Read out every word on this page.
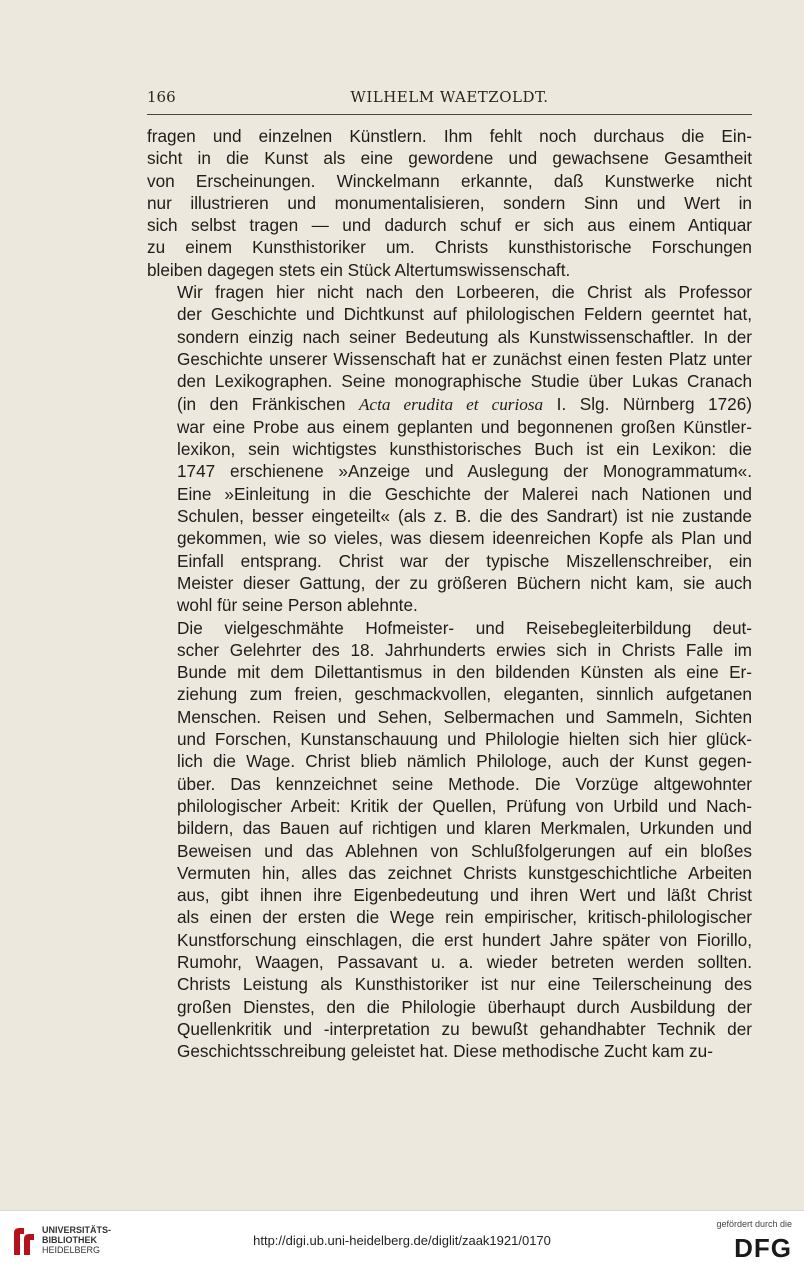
166	WILHELM WAETZOLDT.
fragen und einzelnen Künstlern. Ihm fehlt noch durchaus die Ein-
sicht in die Kunst als eine gewordene und gewachsene Gesamtheit
von Erscheinungen. Winckelmann erkannte, daß Kunstwerke nicht
nur illustrieren und monumentalisieren, sondern Sinn und Wert in
sich selbst tragen — und dadurch schuf er sich aus einem Antiquar
zu einem Kunsthistoriker um. Christs kunsthistorische Forschungen
bleiben dagegen stets ein Stück Altertumswissenschaft.
Wir fragen hier nicht nach den Lorbeeren, die Christ als Professor
der Geschichte und Dichtkunst auf philologischen Feldern geerntet hat,
sondern einzig nach seiner Bedeutung als Kunstwissenschaftler. In der
Geschichte unserer Wissenschaft hat er zunächst einen festen Platz unter
den Lexikographen. Seine monographische Studie über Lukas Cranach
(in den Fränkischen Acta erudita et curiosa I. Slg. Nürnberg 1726)
war eine Probe aus einem geplanten und begonnenen großen Künstler-
lexikon, sein wichtigstes kunsthistorisches Buch ist ein Lexikon: die
1747 erschienene »Anzeige und Auslegung der Monogrammatum«.
Eine »Einleitung in die Geschichte der Malerei nach Nationen und
Schulen, besser eingeteilt« (als z. B. die des Sandrart) ist nie zustande
gekommen, wie so vieles, was diesem ideenreichen Kopfe als Plan und
Einfall entsprang. Christ war der typische Miszellenschreiber, ein
Meister dieser Gattung, der zu größeren Büchern nicht kam, sie auch
wohl für seine Person ablehnte.
Die vielgeschmähte Hofmeister- und Reisebegleiterbildung deut-
scher Gelehrter des 18. Jahrhunderts erwies sich in Christs Falle im
Bunde mit dem Dilettantismus in den bildenden Künsten als eine Er-
ziehung zum freien, geschmackvollen, eleganten, sinnlich aufgetanen
Menschen. Reisen und Sehen, Selbermachen und Sammeln, Sichten
und Forschen, Kunstanschauung und Philologie hielten sich hier glück-
lich die Wage. Christ blieb nämlich Philologe, auch der Kunst gegen-
über. Das kennzeichnet seine Methode. Die Vorzüge altgewohnter
philologischer Arbeit: Kritik der Quellen, Prüfung von Urbild und Nach-
bildern, das Bauen auf richtigen und klaren Merkmalen, Urkunden und
Beweisen und das Ablehnen von Schlußfolgerungen auf ein bloßes
Vermuten hin, alles das zeichnet Christs kunstgeschichtliche Arbeiten
aus, gibt ihnen ihre Eigenbedeutung und ihren Wert und läßt Christ
als einen der ersten die Wege rein empirischer, kritisch-philologischer
Kunstforschung einschlagen, die erst hundert Jahre später von Fiorillo,
Rumohr, Waagen, Passavant u. a. wieder betreten werden sollten.
Christs Leistung als Kunsthistoriker ist nur eine Teilerscheinung des
großen Dienstes, den die Philologie überhaupt durch Ausbildung der
Quellenkritik und -interpretation zu bewußt gehandhabter Technik der
Geschichtsschreibung geleistet hat. Diese methodische Zucht kam zu-
UNIVERSITÄTS-
BIBLIOTHEK
HEIDELBERG
http://digi.ub.uni-heidelberg.de/diglit/zaak1921/0170
gefördert durch die
DFG
